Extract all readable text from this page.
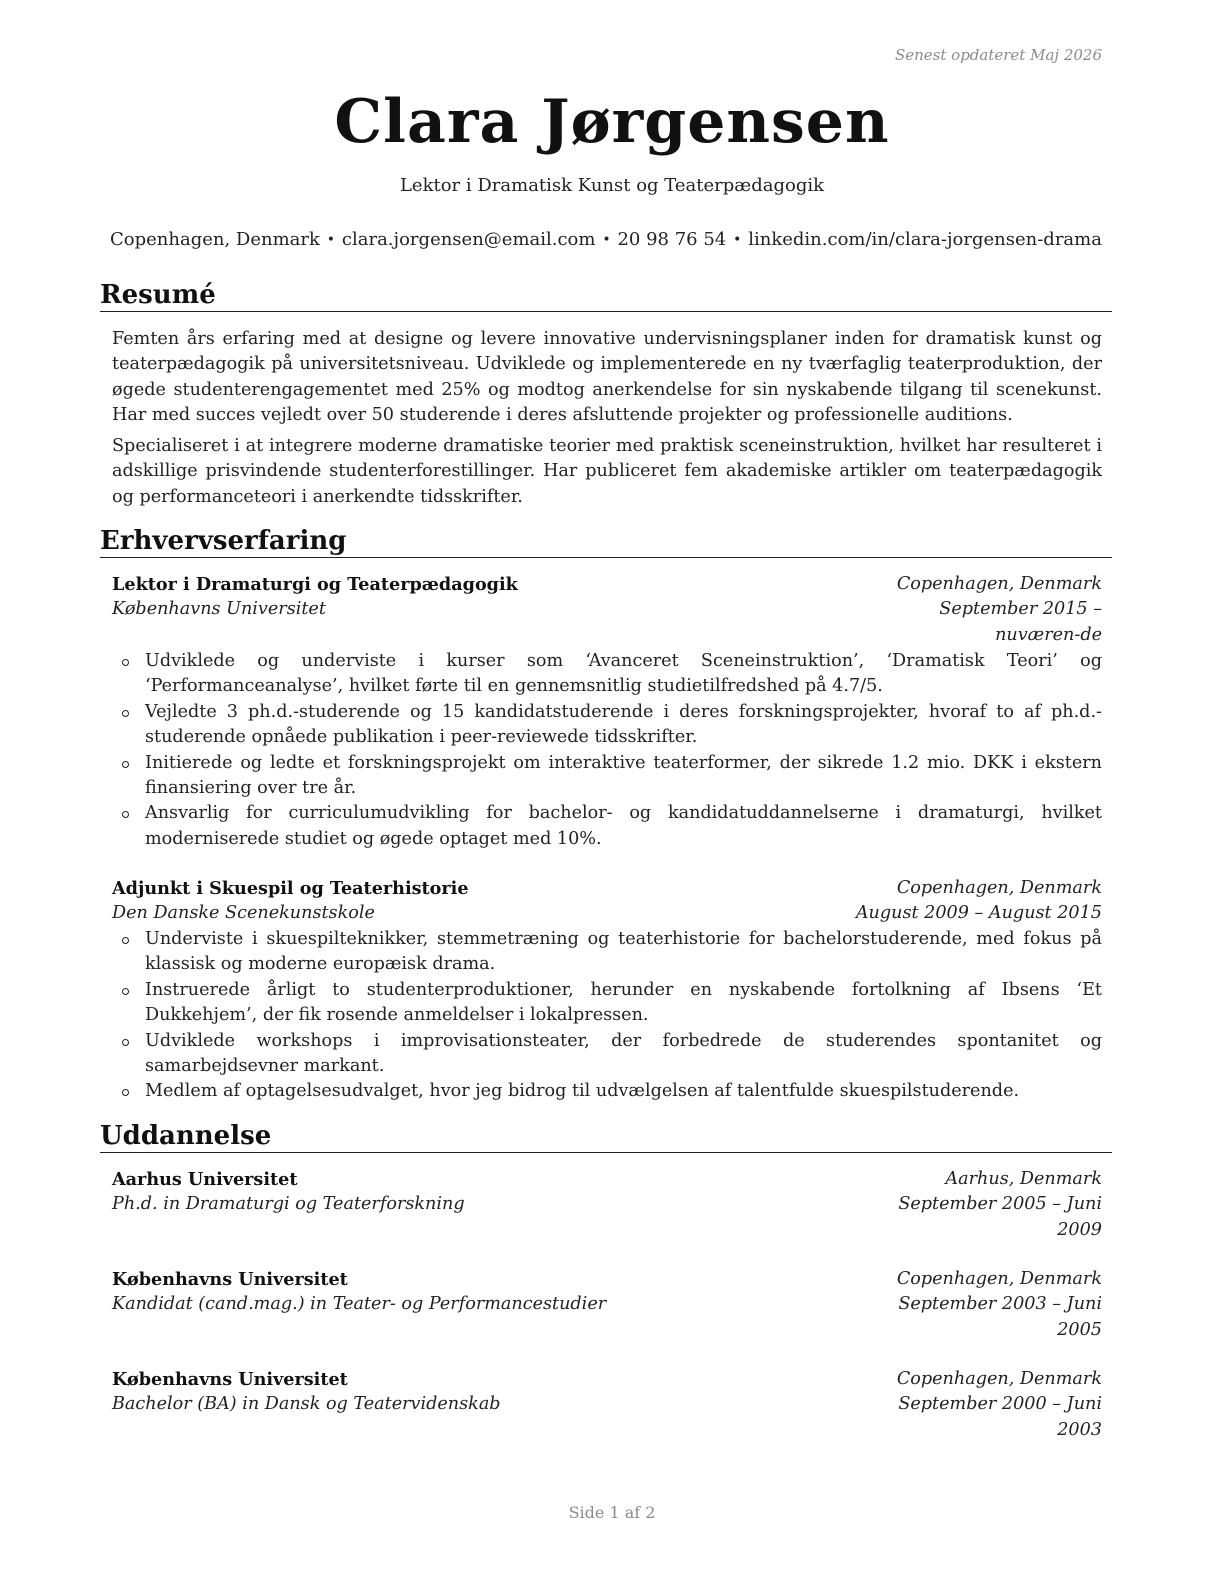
Senest opdateret Maj 2026
Clara Jørgensen
Lektor i Dramatisk Kunst og Teaterpædagogik
Copenhagen, Denmark • clara.jorgensen@email.com • 20 98 76 54 • linkedin.com/in/clara-jorgensen-drama
Resumé

Femten års erfaring med at designe og levere innovative undervisningsplaner inden for dramatisk kunst og teaterpædagogik på universitetsniveau. Udviklede og implementerede en ny tværfaglig teaterproduktion, der øgede studenterengagementet med 25% og modtog anerkendelse for sin nyskabende tilgang til scenekunst. Har med succes vejledt over 50 studerende i deres afsluttende projekter og professionelle auditions.

Specialiseret i at integrere moderne dramatiske teorier med praktisk sceneinstruktion, hvilket har resulteret i adskillige prisvindende studenterforestillinger. Har publiceret fem akademiske artikler om teaterpædagogik og performanceteori i anerkendte tidsskrifter.

Erhvervserfaring
Lektor i Dramaturgi og Teaterpædagogik	Copenhagen, Denmark
Københavns Universitet	September 2015 – nuværen-de
Udviklede og underviste i kurser som ‘Avanceret Sceneinstruktion’, ‘Dramatisk Teori’ og ‘Performanceanalyse’, hvilket førte til en gennemsnitlig studietilfredshed på 4.7/5.
Vejledte 3 ph.d.-studerende og 15 kandidatstuderende i deres forskningsprojekter, hvoraf to af ph.d.-studerende opnåede publikation i peer-reviewede tidsskrifter.
Initierede og ledte et forskningsprojekt om interaktive teaterformer, der sikrede 1.2 mio. DKK i ekstern finansiering over tre år.
Ansvarlig for curriculumudvikling for bachelor- og kandidatuddannelserne i dramaturgi, hvilket moderniserede studiet og øgede optaget med 10%.
Adjunkt i Skuespil og Teaterhistorie	Copenhagen, Denmark
Den Danske Scenekunstskole	August 2009 – August 2015
Underviste i skuespilteknikker, stemmetræning og teaterhistorie for bachelorstuderende, med fokus på klassisk og moderne europæisk drama.
Instruerede årligt to studenterproduktioner, herunder en nyskabende fortolkning af Ibsens ‘Et Dukkehjem’, der fik rosende anmeldelser i lokalpressen.
Udviklede workshops i improvisationsteater, der forbedrede de studerendes spontanitet og samarbejdsevner markant.
Medlem af optagelsesudvalget, hvor jeg bidrog til udvælgelsen af talentfulde skuespilstuderende.
Uddannelse
Aarhus Universitet	Aarhus, Denmark
Ph.d. in Dramaturgi og Teaterforskning	September 2005 – Juni 2009
Københavns Universitet	Copenhagen, Denmark
Kandidat (cand.mag.) in Teater- og Performancestudier	September 2003 – Juni 2005
Københavns Universitet	Copenhagen, Denmark
Bachelor (BA) in Dansk og Teatervidenskab	September 2000 – Juni 2003
Side 1 af 2
